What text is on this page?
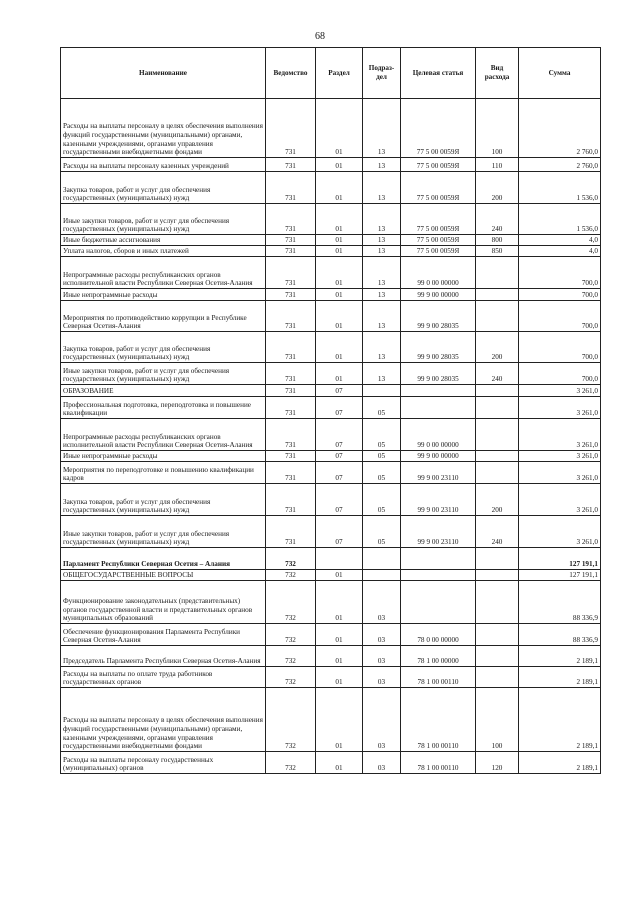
68
Наименование	Ведомство	Раздел	Подраз-дел	Целевая статья	Вид расхода	Сумма
Расходы на выплаты персоналу в целях обеспечения выполнения функций государственными (муниципальными) органами, казенными учреждениями, органами управления государственными внебюджетными фондами	731	01	13	77 5 00 0059Я	100	2 760,0
Расходы на выплаты персоналу казенных учреждений	731	01	13	77 5 00 0059Я	110	2 760,0
Закупка товаров, работ и услуг для обеспечения государственных (муниципальных) нужд	731	01	13	77 5 00 0059Я	200	1 536,0
Иные закупки товаров, работ и услуг для обеспечения государственных (муниципальных) нужд	731	01	13	77 5 00 0059Я	240	1 536,0
Иные бюджетные ассигнования	731	01	13	77 5 00 0059Я	800	4,0
Уплата налогов, сборов и иных платежей	731	01	13	77 5 00 0059Я	850	4,0
Непрограммные расходы республиканских органов исполнительной власти Республики Северная Осетия-Алания	731	01	13	99 0 00 00000		700,0
Иные непрограммные расходы	731	01	13	99 9 00 00000		700,0
Мероприятия по противодействию коррупции в Республике Северная Осетия-Алания	731	01	13	99 9 00 28035		700,0
Закупка товаров, работ и услуг для обеспечения государственных (муниципальных) нужд	731	01	13	99 9 00 28035	200	700,0
Иные закупки товаров, работ и услуг для обеспечения государственных (муниципальных) нужд	731	01	13	99 9 00 28035	240	700,0
ОБРАЗОВАНИЕ	731	07				3 261,0
Профессиональная подготовка, переподготовка и повышение квалификации	731	07	05			3 261,0
Непрограммные расходы республиканских органов исполнительной власти Республики Северная Осетия-Алания	731	07	05	99 0 00 00000		3 261,0
Иные непрограммные расходы	731	07	05	99 9 00 00000		3 261,0
Мероприятия по переподготовке и повышению квалификации кадров	731	07	05	99 9 00 23110		3 261,0
Закупка товаров, работ и услуг для обеспечения государственных (муниципальных) нужд	731	07	05	99 9 00 23110	200	3 261,0
Иные закупки товаров, работ и услуг для обеспечения государственных (муниципальных) нужд	731	07	05	99 9 00 23110	240	3 261,0
Парламент Республики Северная Осетия – Алания	732					127 191,1
ОБЩЕГОСУДАРСТВЕННЫЕ ВОПРОСЫ	732	01				127 191,1
Функционирование законодательных (представительных) органов государственной власти и представительных органов муниципальных образований	732	01	03			88 336,9
Обеспечение функционирования Парламента Республики Северная Осетия-Алания	732	01	03	78 0 00 00000		88 336,9
Председатель Парламента Республики Северная Осетия-Алания	732	01	03	78 1 00 00000		2 189,1
Расходы на выплаты по оплате труда работников государственных органов	732	01	03	78 1 00 00110		2 189,1
Расходы на выплаты персоналу в целях обеспечения выполнения функций государственными (муниципальными) органами, казенными учреждениями, органами управления государственными внебюджетными фондами	732	01	03	78 1 00 00110	100	2 189,1
Расходы на выплаты персоналу государственных (муниципальных) органов	732	01	03	78 1 00 00110	120	2 189,1
